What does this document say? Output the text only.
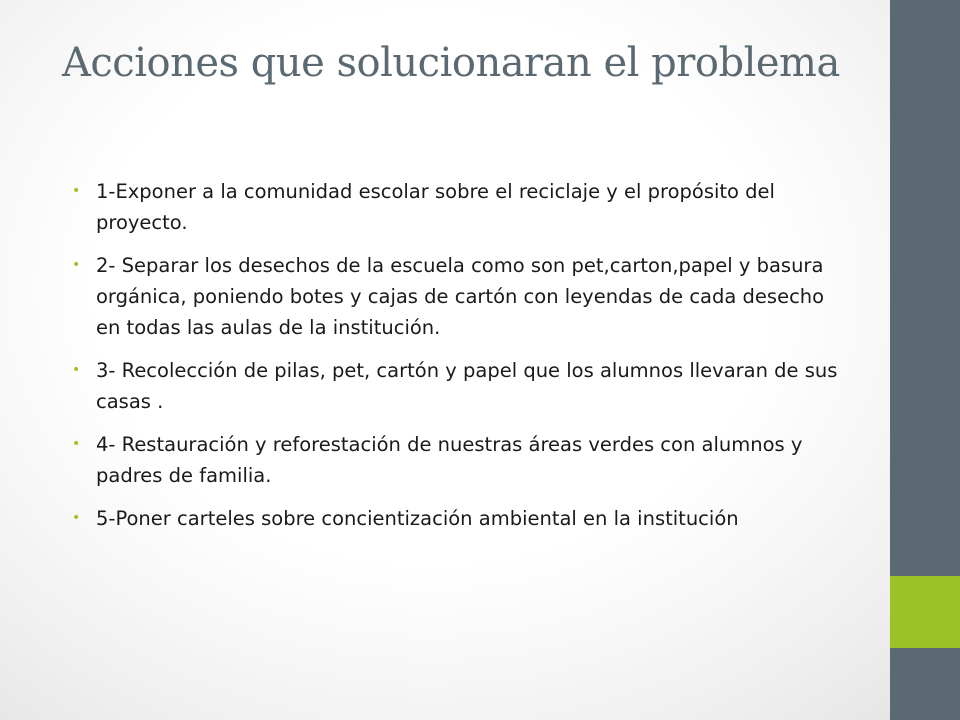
Acciones que solucionaran el problema
• 1-Exponer a la comunidad escolar sobre el reciclaje y el propósito del proyecto.
• 2- Separar los desechos de la escuela como son pet,carton,papel y basura orgánica, poniendo botes y cajas de cartón con leyendas de cada desecho en todas las aulas de la institución.
• 3- Recolección de pilas, pet, cartón y papel que los alumnos llevaran de sus casas .
• 4- Restauración y reforestación de nuestras áreas verdes con alumnos y padres de familia.
• 5-Poner carteles sobre concientización ambiental en la institución
